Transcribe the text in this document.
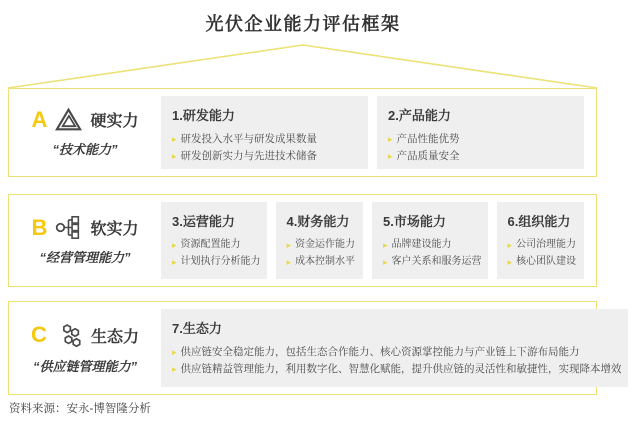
光伏企业能力评估框架
A	硬实力
“技术能力”
1.研发能力
▸ 研发投入水平与研发成果数量
▸ 研发创新实力与先进技术储备
2.产品能力
▸ 产品性能优势
▸ 产品质量安全
B	软实力
“经营管理能力”
3.运营能力
▸ 资源配置能力
▸ 计划执行分析能力
4.财务能力
▸ 资金运作能力
▸ 成本控制水平
5.市场能力
▸ 品牌建设能力
▸ 客户关系和服务运营
6.组织能力
▸ 公司治理能力
▸ 核心团队建设
C	生态力
“供应链管理能力”
7.生态力
▸ 供应链安全稳定能力，包括生态合作能力、核心资源掌控能力与产业链上下游布局能力
▸ 供应链精益管理能力，利用数字化、智慧化赋能，提升供应链的灵活性和敏捷性，实现降本增效
资料来源：安永-博智隆分析
